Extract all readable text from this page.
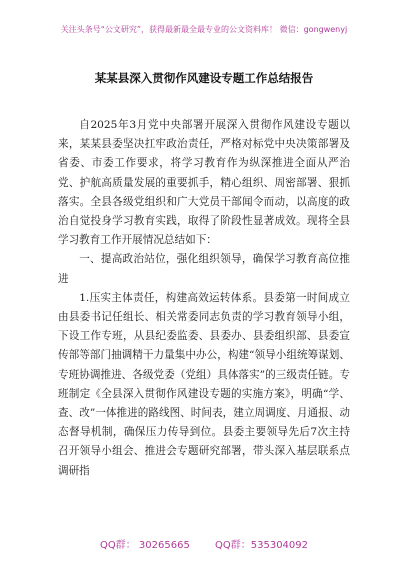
关注头条号“公文研究”，获得最新最全最专业的公文资料库！ 微信：gongwenyj
某某县深入贯彻作风建设专题工作总结报告

自2025年3月党中央部署开展深入贯彻作风建设专题以来，某某县委坚决扛牢政治责任，严格对标党中央决策部署及省委、市委工作要求，将学习教育作为纵深推进全面从严治党、护航高质量发展的重要抓手，精心组织、周密部署、狠抓落实。全县各级党组织和广大党员干部闻令而动，以高度的政治自觉投身学习教育实践，取得了阶段性显著成效。现将全县学习教育工作开展情况总结如下：

一、提高政治站位，强化组织领导，确保学习教育高位推进

1.压实主体责任，构建高效运转体系。县委第一时间成立由县委书记任组长、相关常委同志负责的学习教育领导小组，下设工作专班，从县纪委监委、县委办、县委组织部、县委宣传部等部门抽调精干力量集中办公，构建“领导小组统筹谋划、专班协调推进、各级党委（党组）具体落实”的三级责任链。专班制定《全县深入贯彻作风建设专题的实施方案》，明确“学、查、改”一体推进的路线图、时间表，建立周调度、月通报、动态督导机制，确保压力传导到位。县委主要领导先后7次主持召开领导小组会、推进会专题研究部署，带头深入基层联系点调研指

QQ群： 30265665	QQ群：535304092
